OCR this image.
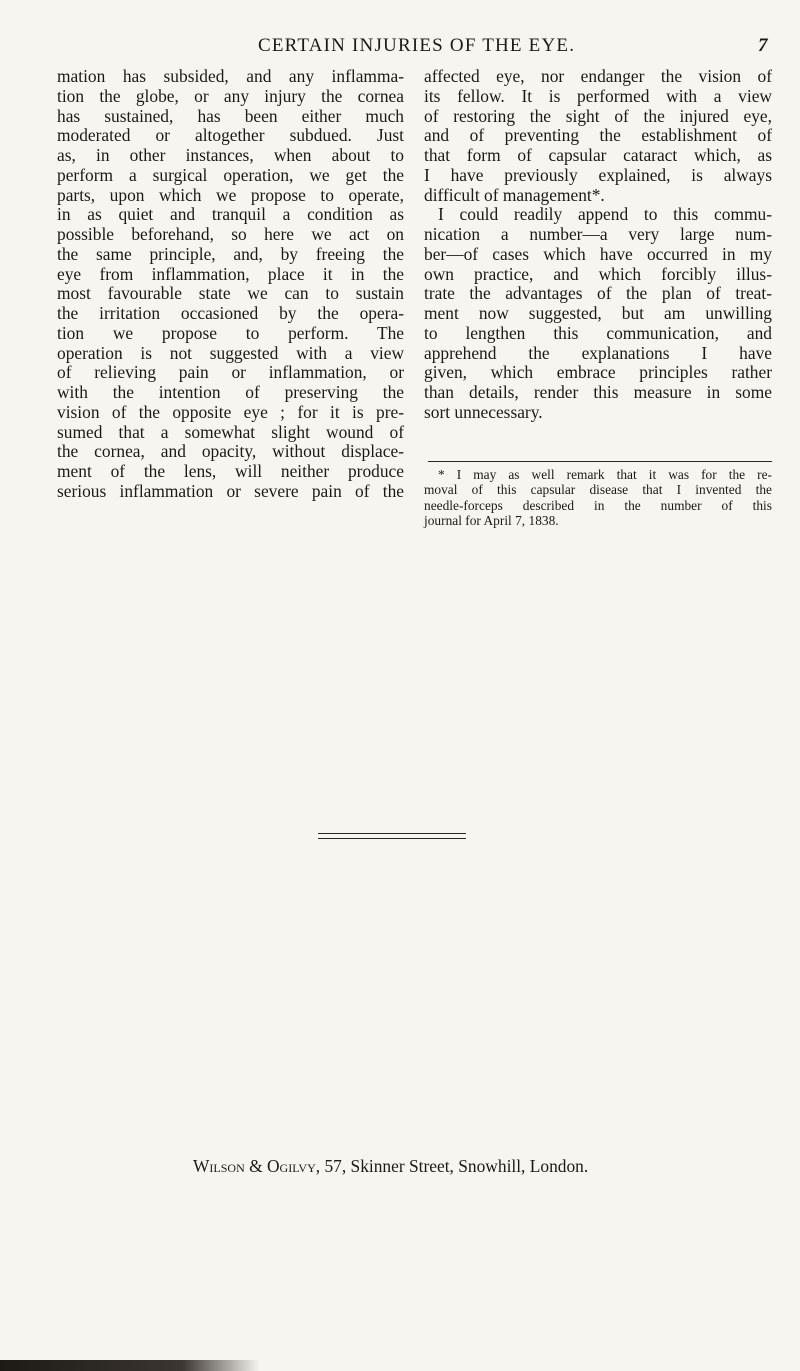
CERTAIN INJURIES OF THE EYE.	7
mation has subsided, and any inflamma-
tion the globe, or any injury the cornea
has sustained, has been either much
moderated or altogether subdued. Just
as, in other instances, when about to
perform a surgical operation, we get the
parts, upon which we propose to operate,
in as quiet and tranquil a condition as
possible beforehand, so here we act on
the same principle, and, by freeing the
eye from inflammation, place it in the
most favourable state we can to sustain
the irritation occasioned by the opera-
tion we propose to perform. The
operation is not suggested with a view
of relieving pain or inflammation, or
with the intention of preserving the
vision of the opposite eye ; for it is pre-
sumed that a somewhat slight wound of
the cornea, and opacity, without displace-
ment of the lens, will neither produce
serious inflammation or severe pain of the
affected eye, nor endanger the vision of
its fellow. It is performed with a view
of restoring the sight of the injured eye,
and of preventing the establishment of
that form of capsular cataract which, as
I have previously explained, is always
difficult of management*.
I could readily append to this commu-
nication a number—a very large num-
ber—of cases which have occurred in my
own practice, and which forcibly illus-
trate the advantages of the plan of treat-
ment now suggested, but am unwilling
to lengthen this communication, and
apprehend the explanations I have
given, which embrace principles rather
than details, render this measure in some
sort unnecessary.
* I may as well remark that it was for the re-
moval of this capsular disease that I invented the
needle-forceps described in the number of this
journal for April 7, 1838.
Wilson & Ogilvy, 57, Skinner Street, Snowhill, London.
